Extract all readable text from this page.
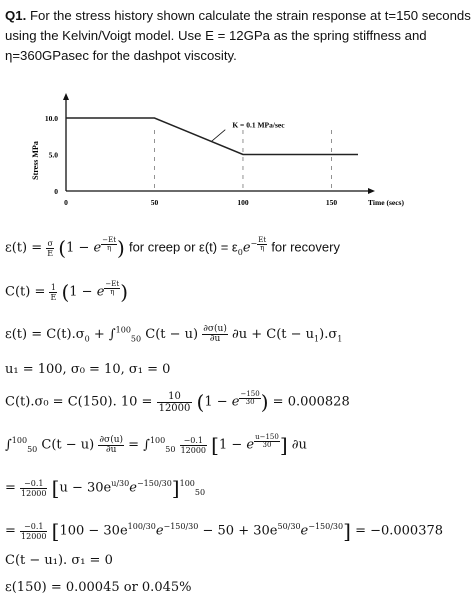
Q1. For the stress history shown calculate the strain response at t=150 seconds using the Kelvin/Voigt model. Use E = 12GPa as the spring stiffness and η=360GPasec for the dashpot viscosity.
Stress MPa
10.0
5.0
0
0	50	100	150	Time (secs)
K = 0.1 MPa/sec
$\varepsilon(t) = \frac{\sigma}{E} (1 - e$ $^{\frac{-Et}{\eta}}$ ) for creep or $\varepsilon(t) = \varepsilon_0e^{- \frac{Et}{\eta}}$ for recovery
$C(t) = \frac{1}{E} (1 - e$ $^{\frac{-Et}{\eta}}$ )
$\varepsilon(t) = C(t).\sigma_0 + \int^{100}_{50}$ $C(t - u) \frac{\partial\sigma(u)}{\partial u} \partial u + C(t - u_1).\sigma_1$
u₁ = 100, σ₀ = 10, σ₁ = 0
C(t).σ₀ = C(150). $10 = \frac{10}{12000} (1 - e$ $^{\frac{-150}{30}}$ ) = 0.000828
∫$^{100}_{50}$ $C(t - u) \frac{\partial\sigma(u)}{\partial u} = \int^{100}_{50} \frac{-0.1}{12000} [1 - e$ $^{\frac{u-150}{30}}$ ] ∂u
= $\frac{-0.1}{12000} [u - 30e^{u/30}e^{-150/30}]^{100}_{50}$
= $\frac{-0.1}{12000} [100 - 30e^{100/30}e^{-150/30} - 50 + 30e^{50/30}e^{-150/30}] = -0.000378$
C(t − u₁). σ₁ = 0
ε(150) = 0.00045 or 0.045%
